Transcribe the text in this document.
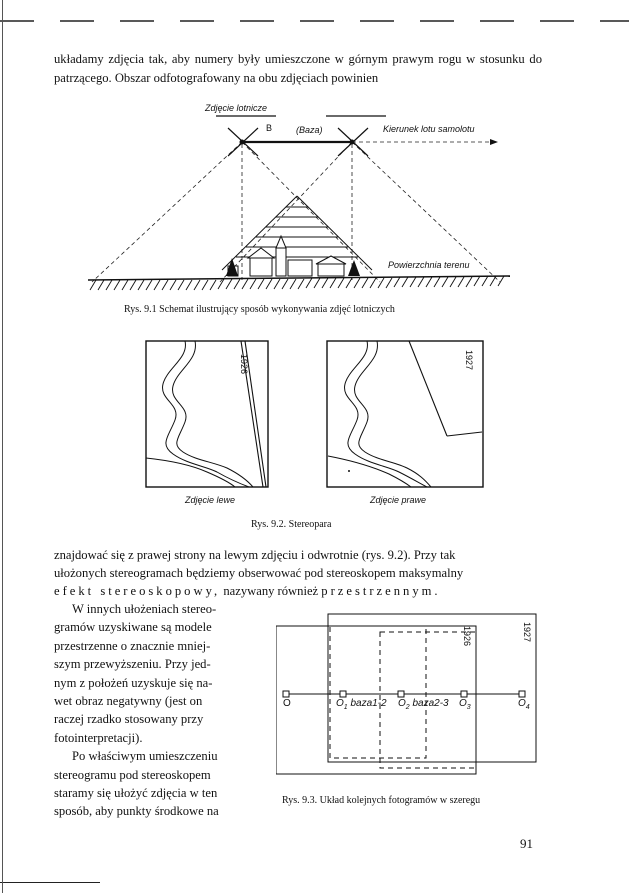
układamy zdjęcia tak, aby numery były umieszczone w górnym prawym rogu w stosunku do patrzącego. Obszar odfotografowany na obu zdjęciach powinien
Zdjęcie lotnicze
B	(Baza)	Kierunek lotu samolotu
Powierzchnia terenu
Rys. 9.1 Schemat ilustrujący sposób wykonywania zdjęć lotniczych
1926	1927
Zdjęcie lewe	Zdjęcie prawe
Rys. 9.2. Stereopara
znajdować się z prawej strony na lewym zdjęciu i odwrotnie (rys. 9.2). Przy tak
ułożonych stereogramach będziemy obserwować pod stereoskopem maksymalny
efekt stereoskopowy, nazywany również przestrzennym.
W innych ułożeniach stereo-
gramów uzyskiwane są modele
przestrzenne o znacznie mniej-
szym przewyższeniu. Przy jed-
nym z położeń uzyskuje się na-
wet obraz negatywny (jest on
raczej rzadko stosowany przy
fotointerpretacji).
Po właściwym umieszczeniu
stereogramu pod stereoskopem
staramy się ułożyć zdjęcia w ten
sposób, aby punkty środkowe na
1926	1927
O	$O_1$ baza1-2 $O_2$ baza2-3 $O_3$	$O_4$
Rys. 9.3. Układ kolejnych fotogramów w szeregu
91
